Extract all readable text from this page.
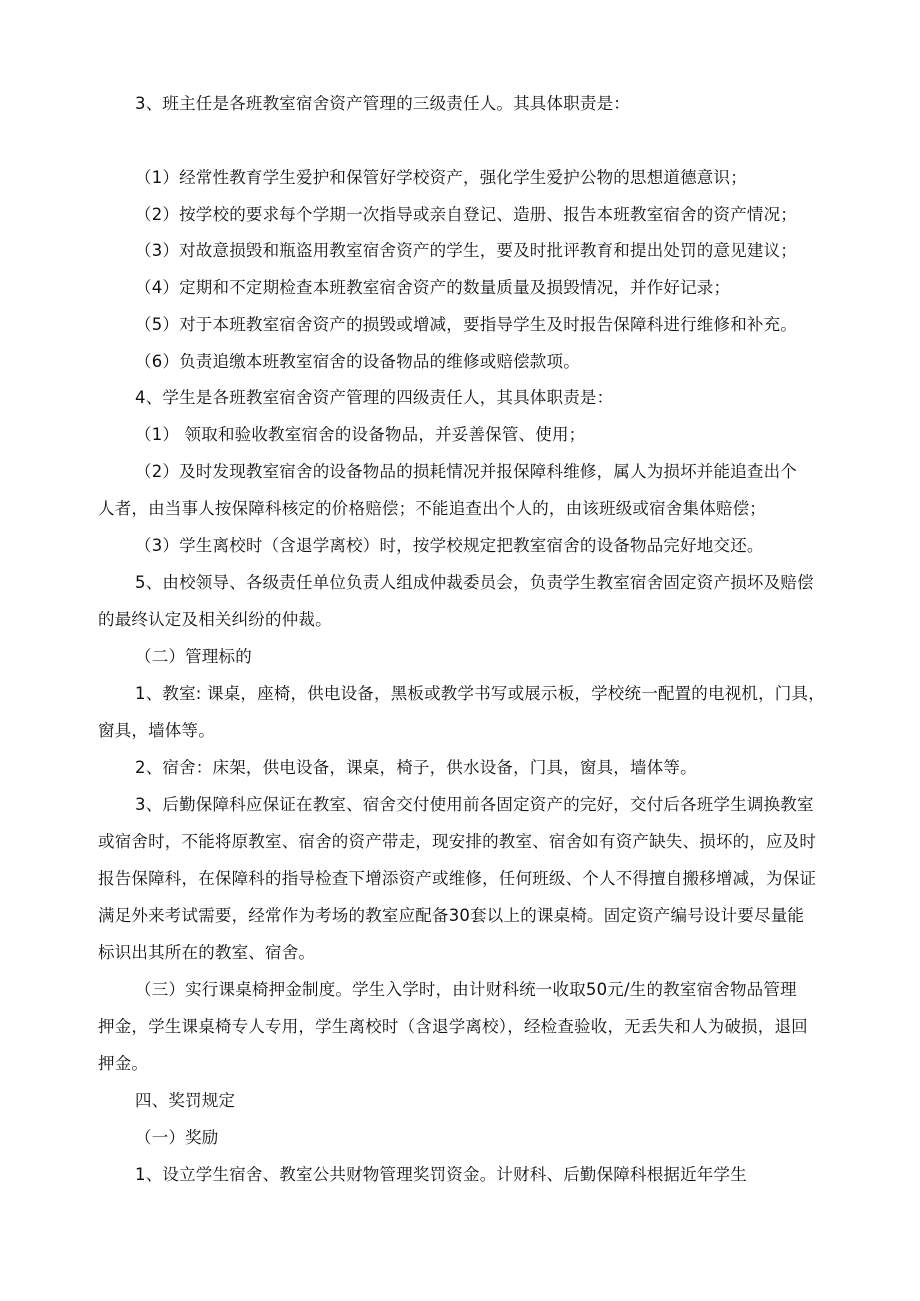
3、班主任是各班教室宿舍资产管理的三级责任人。其具体职责是：
（1）经常性教育学生爱护和保管好学校资产，强化学生爱护公物的思想道德意识；
（2）按学校的要求每个学期一次指导或亲自登记、造册、报告本班教室宿舍的资产情况；
（3）对故意损毁和瓶盗用教室宿舍资产的学生，要及时批评教育和提出处罚的意见建议；
（4）定期和不定期检查本班教室宿舍资产的数量质量及损毁情况，并作好记录；
（5）对于本班教室宿舍资产的损毁或增减，要指导学生及时报告保障科进行维修和补充。
（6）负责追缴本班教室宿舍的设备物品的维修或赔偿款项。
4、学生是各班教室宿舍资产管理的四级责任人，其具体职责是：
（1） 领取和验收教室宿舍的设备物品，并妥善保管、使用；
（2）及时发现教室宿舍的设备物品的损耗情况并报保障科维修，属人为损坏并能追查出个
人者，由当事人按保障科核定的价格赔偿；不能追查出个人的，由该班级或宿舍集体赔偿；
（3）学生离校时（含退学离校）时，按学校规定把教室宿舍的设备物品完好地交还。
5、由校领导、各级责任单位负责人组成仲裁委员会，负责学生教室宿舍固定资产损坏及赔偿
的最终认定及相关纠纷的仲裁。
（二）管理标的
1、教室: 课桌，座椅，供电设备，黑板或教学书写或展示板，学校统一配置的电视机，门具，
窗具，墙体等。
2、宿舍：床架，供电设备，课桌，椅子，供水设备，门具，窗具，墙体等。
3、后勤保障科应保证在教室、宿舍交付使用前各固定资产的完好，交付后各班学生调换教室
或宿舍时，不能将原教室、宿舍的资产带走，现安排的教室、宿舍如有资产缺失、损坏的，应及时
报告保障科，在保障科的指导检查下增添资产或维修，任何班级、个人不得擅自搬移增减，为保证
满足外来考试需要，经常作为考场的教室应配备30套以上的课桌椅。固定资产编号设计要尽量能
标识出其所在的教室、宿舍。
（三）实行课桌椅押金制度。学生入学时，由计财科统一收取50元/生的教室宿舍物品管理
押金，学生课桌椅专人专用，学生离校时（含退学离校），经检查验收，无丢失和人为破损，退回
押金。
四、奖罚规定
（一）奖励
1、设立学生宿舍、教室公共财物管理奖罚资金。计财科、后勤保障科根据近年学生
